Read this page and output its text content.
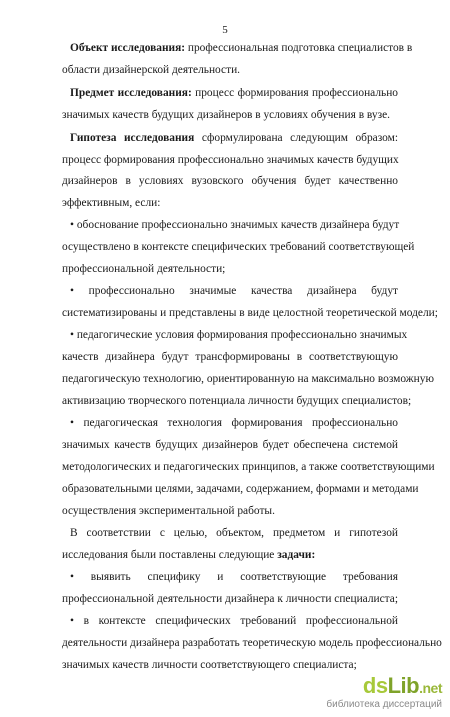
5
Объект исследования: профессиональная подготовка специалистов в
области дизайнерской деятельности.
Предмет исследования: процесс формирования профессионально
значимых качеств будущих дизайнеров в условиях обучения в вузе.
Гипотеза исследования сформулирована следующим образом:
процесс формирования профессионально значимых качеств будущих
дизайнеров в условиях вузовского обучения будет качественно
эффективным, если:
• обоснование профессионально значимых качеств дизайнера будут
осуществлено в контексте специфических требований соответствующей
профессиональной деятельности;
• профессионально значимые качества дизайнера будут
систематизированы и представлены в виде целостной теоретической модели;
• педагогические условия формирования профессионально значимых
качеств дизайнера будут трансформированы в соответствующую
педагогическую технологию, ориентированную на максимально возможную
активизацию творческого потенциала личности будущих специалистов;
• педагогическая технология формирования профессионально
значимых качеств будущих дизайнеров будет обеспечена системой
методологических и педагогических принципов, а также соответствующими
образовательными целями, задачами, содержанием, формами и методами
осуществления экспериментальной работы.
В соответствии с целью, объектом, предметом и гипотезой
исследования были поставлены следующие задачи:
• выявить специфику и соответствующие требования
профессиональной деятельности дизайнера к личности специалиста;
• в контексте специфических требований профессиональной
деятельности дизайнера разработать теоретическую модель профессионально
значимых качеств личности соответствующего специалиста;
dsLib.net
библиотека диссертаций
